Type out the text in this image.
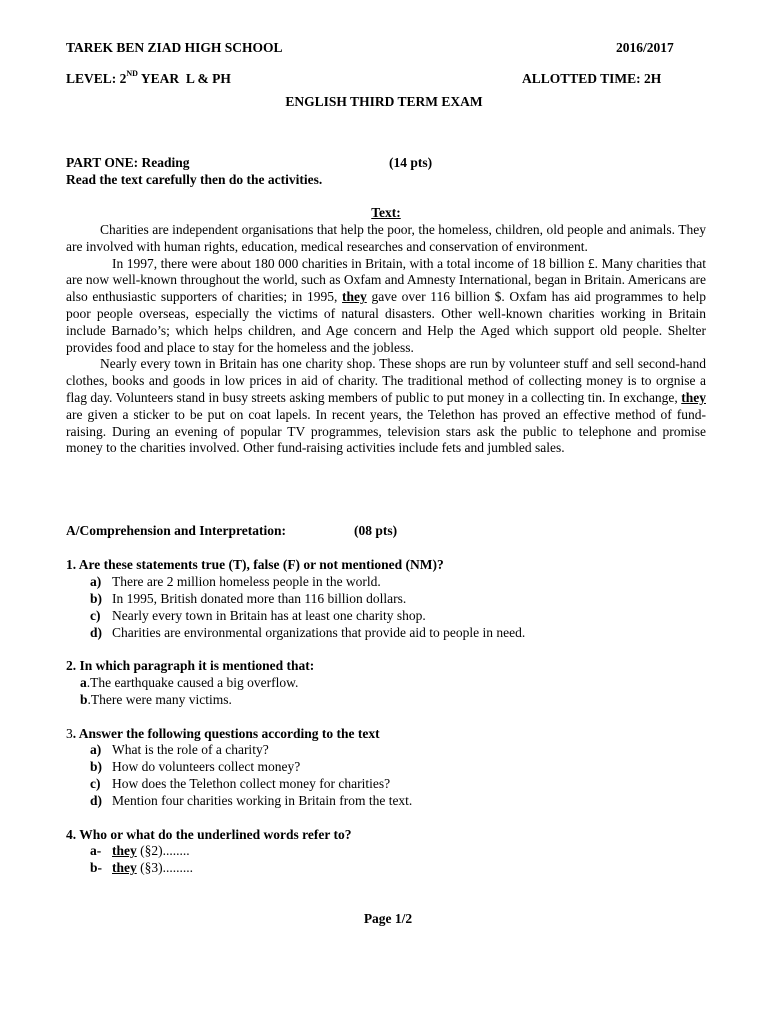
TAREK BEN ZIAD HIGH SCHOOL	2016/2017
LEVEL: 2ND YEAR  L & PH	ALLOTTED TIME: 2H
ENGLISH THIRD TERM EXAM
PART ONE: Reading	(14 pts)
Read the text carefully then do the activities.
Text:

Charities are independent organisations that help the poor, the homeless, children, old people and animals. They are involved with human rights, education, medical researches and conservation of environment.

In 1997, there were about 180 000 charities in Britain, with a total income of 18 billion £. Many charities that are now well-known throughout the world, such as Oxfam and Amnesty International, began in Britain. Americans are also enthusiastic supporters of charities; in 1995, they gave over 116 billion $. Oxfam has aid programmes to help poor people overseas, especially the victims of natural disasters. Other well-known charities working in Britain include Barnado’s; which helps children, and Age concern and Help the Aged which support old people. Shelter provides food and place to stay for the homeless and the jobless.

Nearly every town in Britain has one charity shop. These shops are run by volunteer stuff and sell second-hand clothes, books and goods in low prices in aid of charity. The traditional method of collecting money is to orgnise a flag day. Volunteers stand in busy streets asking members of public to put money in a collecting tin. In exchange, they are given a sticker to be put on coat lapels. In recent years, the Telethon has proved an effective method of fund-raising. During an evening of popular TV programmes, television stars ask the public to telephone and promise money to the charities involved. Other fund-raising activities include fets and jumbled sales.

A/Comprehension and Interpretation:	(08 pts)
1. Are these statements true (T), false (F) or not mentioned (NM)?
a) There are 2 million homeless people in the world.
b) In 1995, British donated more than 116 billion dollars.
c) Nearly every town in Britain has at least one charity shop.
d) Charities are environmental organizations that provide aid to people in need.
2. In which paragraph it is mentioned that:
a.The earthquake caused a big overflow.
b.There were many victims.
3. Answer the following questions according to the text
a) What is the role of a charity?
b) How do volunteers collect money?
c) How does the Telethon collect money for charities?
d) Mention four charities working in Britain from the text.
4. Who or what do the underlined words refer to?
a- they (§2)........
b- they (§3).........
Page 1/2
